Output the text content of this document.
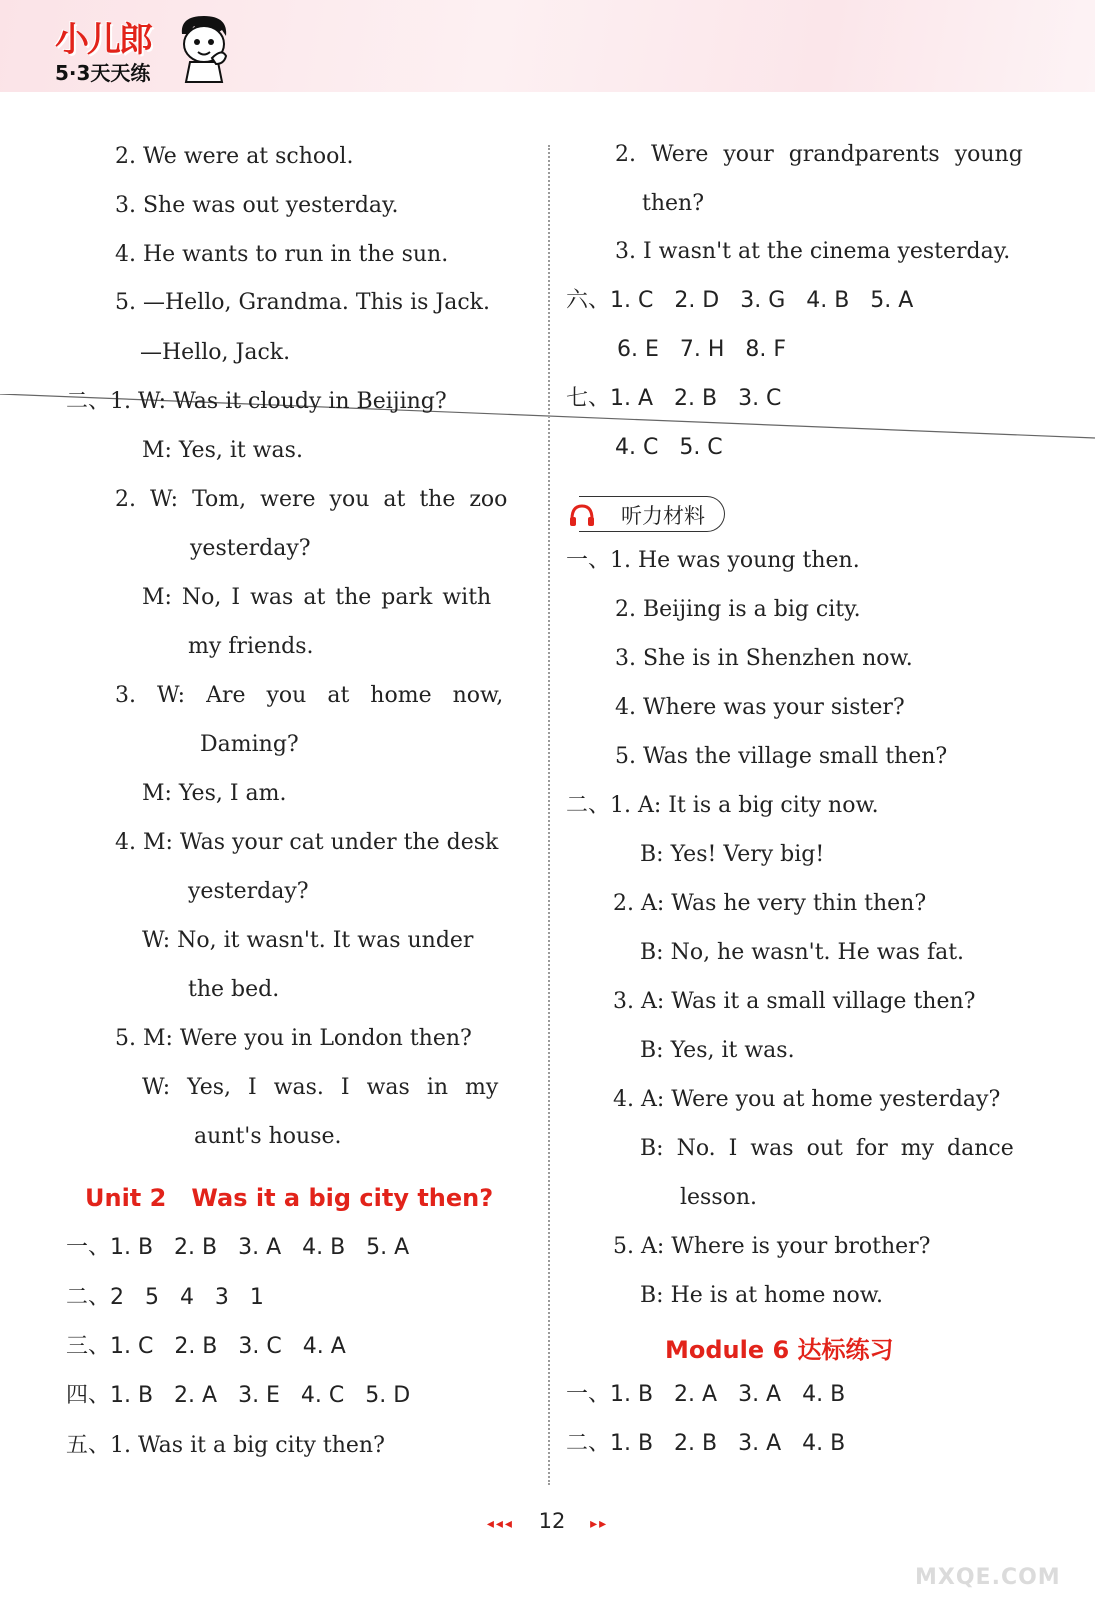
小儿郎
5·3天天练
2. We were at school.
3. She was out yesterday.
4. He wants to run in the sun.
5. —Hello, Grandma. This is Jack.
—Hello, Jack.
二、1. W: Was it cloudy in Beijing?
M: Yes, it was.
2. W: Tom, were you at the zoo
yesterday?
M: No, I was at the park with
my friends.
3. W: Are you at home now,
Daming?
M: Yes, I am.
4. M: Was your cat under the desk
yesterday?
W: No, it wasn't. It was under
the bed.
5. M: Were you in London then?
W: Yes, I was. I was in my
aunt's house.
Unit 2   Was it a big city then?
一、1. B   2. B   3. A   4. B   5. A
二、2   5   4   3   1
三、1. C   2. B   3. C   4. A
四、1. B   2. A   3. E   4. C   5. D
五、1. Was it a big city then?
2. Were your grandparents young
then?
3. I wasn't at the cinema yesterday.
六、1. C   2. D   3. G   4. B   5. A
6. E   7. H   8. F
七、1. A   2. B   3. C
4. C   5. C
听力材料
一、1. He was young then.
2. Beijing is a big city.
3. She is in Shenzhen now.
4. Where was your sister?
5. Was the village small then?
二、1. A: It is a big city now.
B: Yes! Very big!
2. A: Was he very thin then?
B: No, he wasn't. He was fat.
3. A: Was it a small village then?
B: Yes, it was.
4. A: Were you at home yesterday?
B: No. I was out for my dance
lesson.
5. A: Where is your brother?
B: He is at home now.
Module 6 达标练习
一、1. B   2. A   3. A   4. B
二、1. B   2. B   3. A   4. B
◂◂◂ 12 ▸▸
MXQE.COM
